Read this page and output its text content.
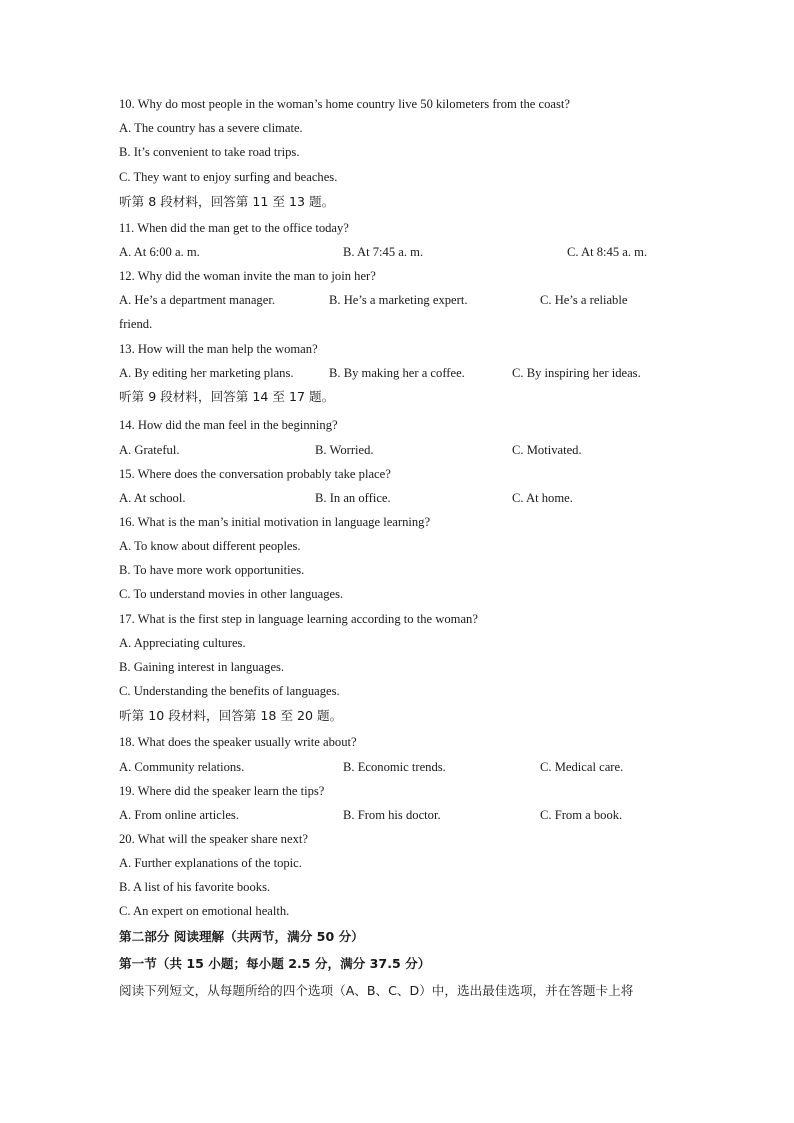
10. Why do most people in the woman’s home country live 50 kilometers from the coast?
A. The country has a severe climate.
B. It’s convenient to take road trips.
C. They want to enjoy surfing and beaches.
听第 8 段材料，回答第 11 至 13 题。
11. When did the man get to the office today?
A. At 6:00 a. m.	B. At 7:45 a. m.	C. At 8:45 a. m.
12. Why did the woman invite the man to join her?
A. He’s a department manager.	B. He’s a marketing expert.	C. He’s a reliable
friend.
13. How will the man help the woman?
A. By editing her marketing plans.	B. By making her a coffee.	C. By inspiring her ideas.
听第 9 段材料，回答第 14 至 17 题。
14. How did the man feel in the beginning?
A. Grateful.	B. Worried.	C. Motivated.
15. Where does the conversation probably take place?
A. At school.	B. In an office.	C. At home.
16. What is the man’s initial motivation in language learning?
A. To know about different peoples.
B. To have more work opportunities.
C. To understand movies in other languages.
17. What is the first step in language learning according to the woman?
A. Appreciating cultures.
B. Gaining interest in languages.
C. Understanding the benefits of languages.
听第 10 段材料，回答第 18 至 20 题。
18. What does the speaker usually write about?
A. Community relations.	B. Economic trends.	C. Medical care.
19. Where did the speaker learn the tips?
A. From online articles.	B. From his doctor.	C. From a book.
20. What will the speaker share next?
A. Further explanations of the topic.
B. A list of his favorite books.
C. An expert on emotional health.
第二部分 阅读理解（共两节，满分 50 分）
第一节（共 15 小题；每小题 2.5 分，满分 37.5 分）
阅读下列短文，从每题所给的四个选项（A、B、C、D）中，选出最佳选项，并在答题卡上将
